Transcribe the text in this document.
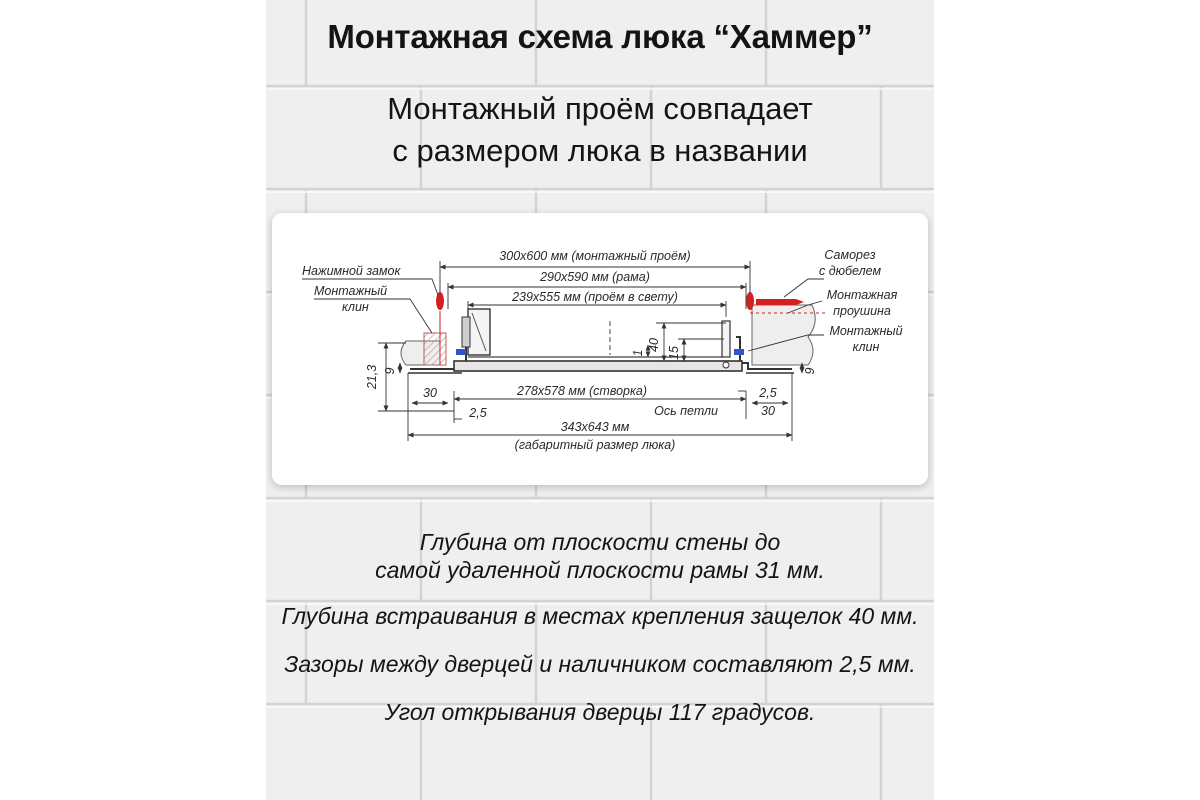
Монтажная схема люка “Хаммер”
Монтажный проём совпадает
с размером люка в названии
300x600 мм (монтажный проём)
290x590 мм (рама)
239x555 мм (проём в свету)
278x578 мм (створка)
343x643 мм
(габаритный размер люка)
Нажимной замок
Монтажный
клин
Саморез
с дюбелем
Монтажная
проушина
Монтажный
клин
Ось петли
21,3 9	9
30
30
2,5
2,5
1
40
15

Глубина от плоскости стены до
самой удаленной плоскости рамы 31 мм.

Глубина встраивания в местах крепления защелок 40 мм.

Зазоры между дверцей и наличником составляют 2,5 мм.

Угол открывания дверцы 117 градусов.
